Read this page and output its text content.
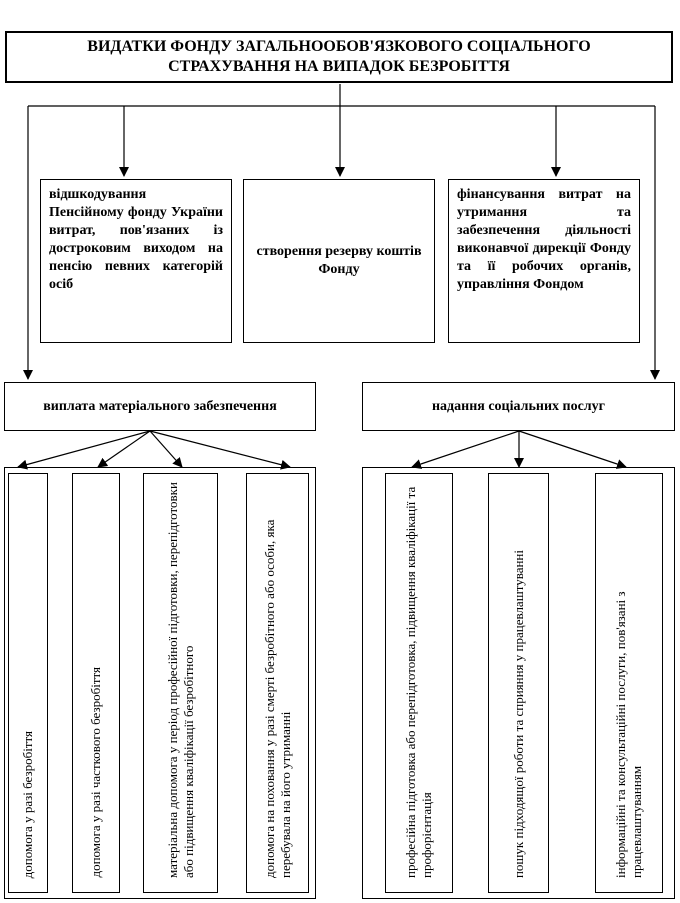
ВИДАТКИ ФОНДУ ЗАГАЛЬНООБОВ'ЯЗКОВОГО СОЦІАЛЬНОГО СТРАХУВАННЯ НА ВИПАДОК БЕЗРОБІТТЯ
відшкодування Пенсійному фонду України витрат, пов'язаних із достроковим виходом на пенсію певних категорій осіб
створення резерву коштів Фонду
фінансування витрат на утримання та забезпечення діяльності виконавчої дирекції Фонду та її робочих органів, управління Фондом
виплата матеріального забезпечення	надання соціальних послуг
допомога у разі безробіття	допомога у разі часткового безробіття	матеріальна допомога у період професійної підготовки, перепідготовки або підвищення кваліфікації безробітного	допомога на поховання у разі смерті безробітного або особи, яка перебувала на його утриманні	професійна підготовка або перепідготовка, підвищення кваліфікації та профорієнтація	пошук підходящої роботи та сприяння у працевлаштуванні	інформаційні та консультаційні послуги, пов'язані з працевлаштуванням
